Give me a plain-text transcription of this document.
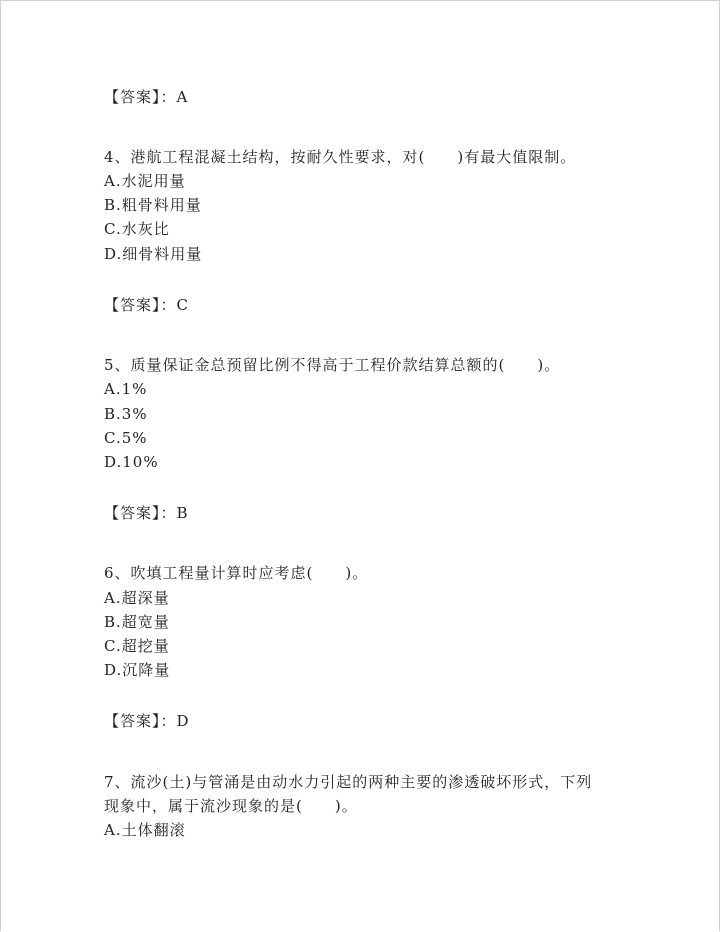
【答案】：A
4、港航工程混凝土结构，按耐久性要求，对(　　)有最大值限制。
A.水泥用量
B.粗骨料用量
C.水灰比
D.细骨料用量
【答案】：C
5、质量保证金总预留比例不得高于工程价款结算总额的(　　)。
A.1%
B.3%
C.5%
D.10%
【答案】：B
6、吹填工程量计算时应考虑(　　)。
A.超深量
B.超宽量
C.超挖量
D.沉降量
【答案】：D
7、流沙(土)与管涌是由动水力引起的两种主要的渗透破坏形式，下列
现象中，属于流沙现象的是(　　)。
A.土体翻滚
